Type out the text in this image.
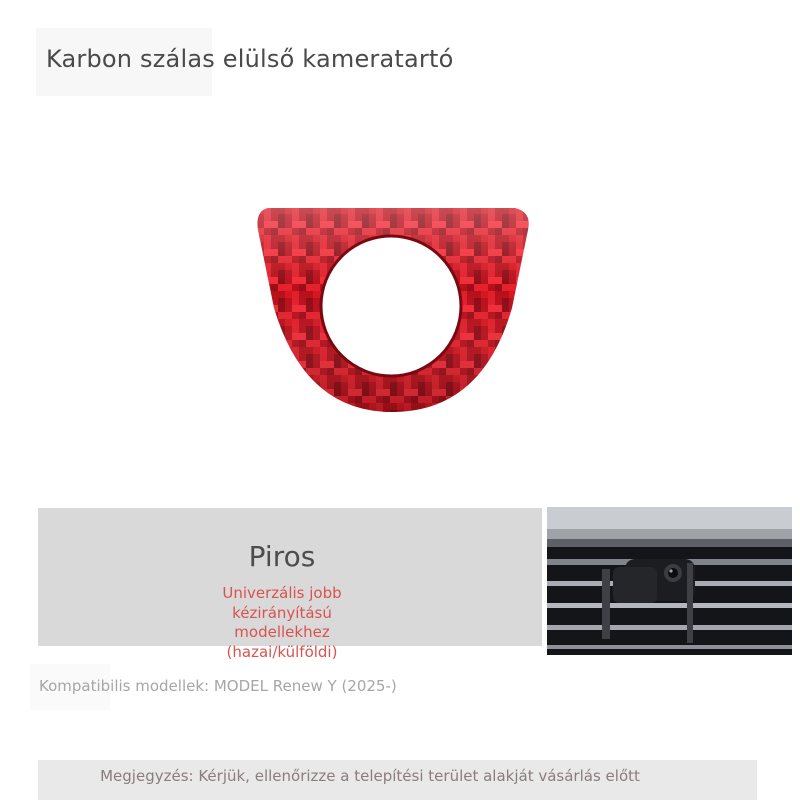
Karbon szálas elülső kameratartó
Piros
Univerzális jobb kézirányítású modellekhez (hazai/külföldi)
Kompatibilis modellek: MODEL Renew Y (2025-)
Megjegyzés: Kérjük, ellenőrizze a telepítési terület alakját vásárlás előtt
